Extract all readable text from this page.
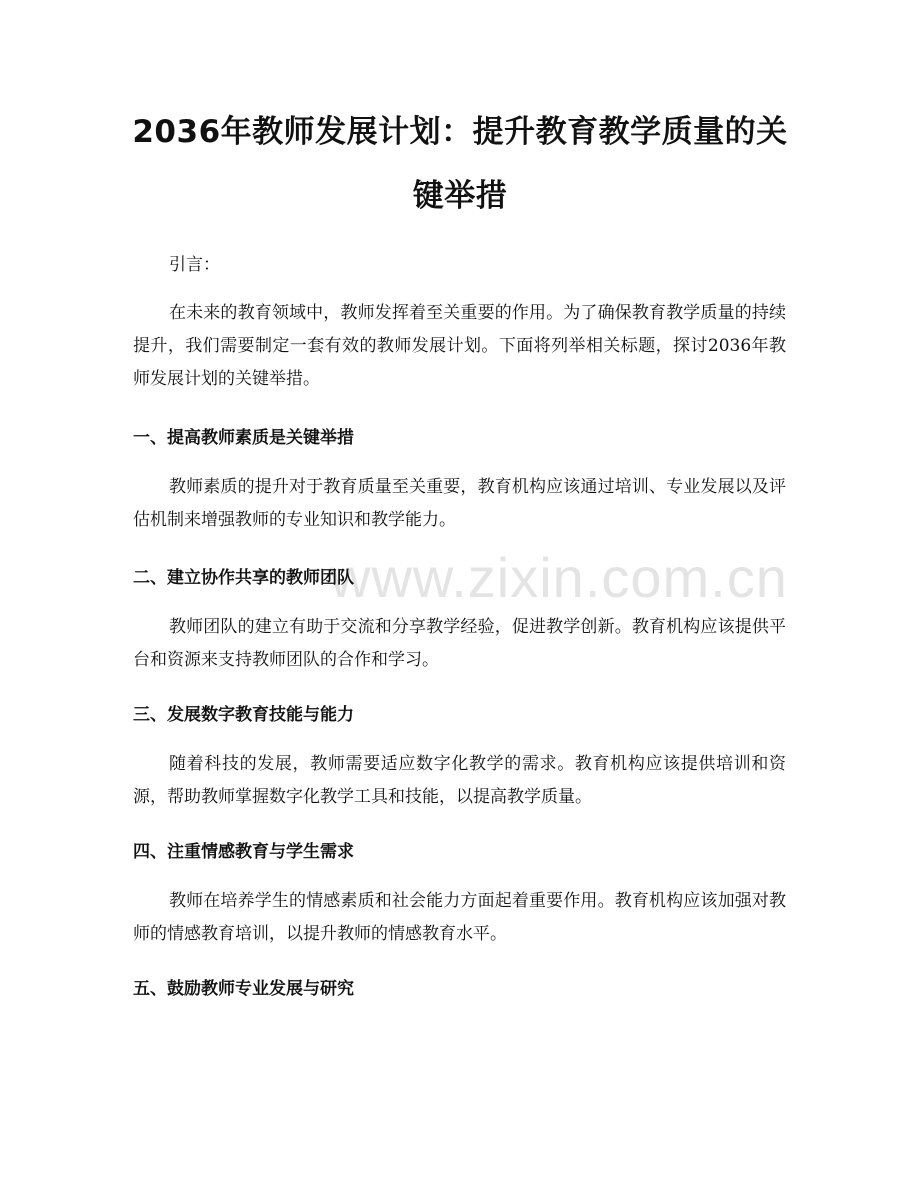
www.zixin.com.cn
2036年教师发展计划：提升教育教学质量的关键举措

引言：

在未来的教育领域中，教师发挥着至关重要的作用。为了确保教育教学质量的持续提升，我们需要制定一套有效的教师发展计划。下面将列举相关标题，探讨2036年教师发展计划的关键举措。

一、提高教师素质是关键举措

教师素质的提升对于教育质量至关重要，教育机构应该通过培训、专业发展以及评估机制来增强教师的专业知识和教学能力。

二、建立协作共享的教师团队

教师团队的建立有助于交流和分享教学经验，促进教学创新。教育机构应该提供平台和资源来支持教师团队的合作和学习。

三、发展数字教育技能与能力

随着科技的发展，教师需要适应数字化教学的需求。教育机构应该提供培训和资源，帮助教师掌握数字化教学工具和技能，以提高教学质量。

四、注重情感教育与学生需求

教师在培养学生的情感素质和社会能力方面起着重要作用。教育机构应该加强对教师的情感教育培训，以提升教师的情感教育水平。

五、鼓励教师专业发展与研究
